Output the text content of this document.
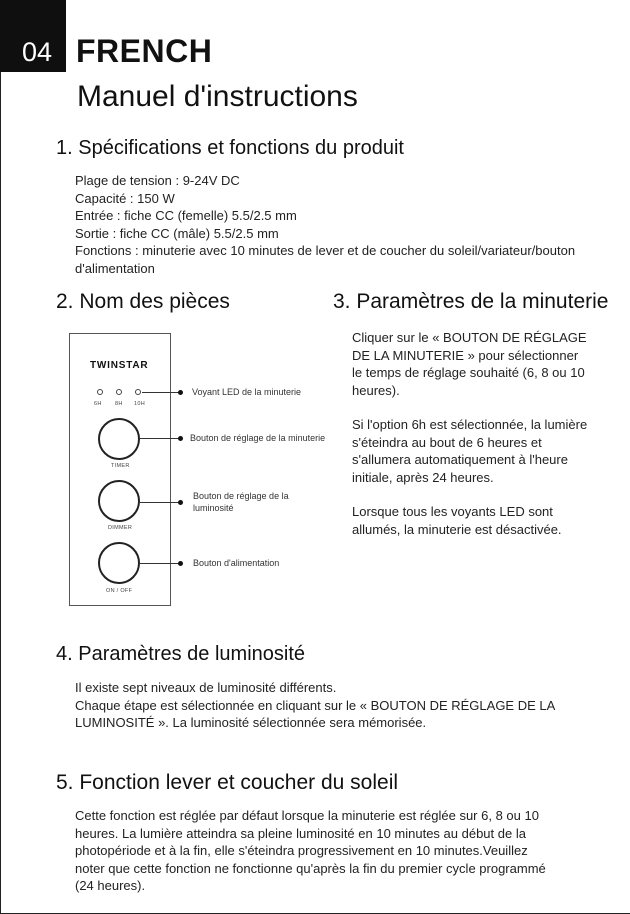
04 FRENCH
Manuel d'instructions
1. Spécifications et fonctions du produit
Plage de tension : 9-24V DC
Capacité : 150 W
Entrée : fiche CC (femelle) 5.5/2.5 mm
Sortie : fiche CC (mâle) 5.5/2.5 mm
Fonctions : minuterie avec 10 minutes de lever et de coucher du soleil/variateur/bouton
d'alimentation
2. Nom des pièces	3. Paramètres de la minuterie
TWINSTAR
6H 8H 10H
TIMER
DIMMER
ON / OFF
Voyant LED de la minuterie
Bouton de réglage de la minuterie
Bouton de réglage de la
luminosité
Bouton d'alimentation
Cliquer sur le « BOUTON DE RÉGLAGE
DE LA MINUTERIE » pour sélectionner
le temps de réglage souhaité (6, 8 ou 10
heures).
Si l'option 6h est sélectionnée, la lumière
s'éteindra au bout de 6 heures et
s'allumera automatiquement à l'heure
initiale, après 24 heures.
Lorsque tous les voyants LED sont
allumés, la minuterie est désactivée.
4. Paramètres de luminosité
Il existe sept niveaux de luminosité différents.
Chaque étape est sélectionnée en cliquant sur le « BOUTON DE RÉGLAGE DE LA
LUMINOSITÉ ». La luminosité sélectionnée sera mémorisée.
5. Fonction lever et coucher du soleil
Cette fonction est réglée par défaut lorsque la minuterie est réglée sur 6, 8 ou 10
heures. La lumière atteindra sa pleine luminosité en 10 minutes au début de la
photopériode et à la fin, elle s'éteindra progressivement en 10 minutes.Veuillez
noter que cette fonction ne fonctionne qu'après la fin du premier cycle programmé
(24 heures).
